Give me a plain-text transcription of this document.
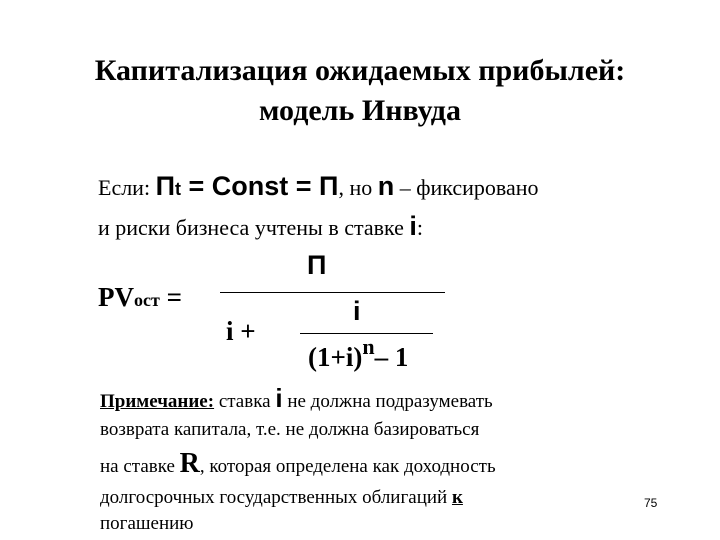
Капитализация ожидаемых прибылей:
модель Инвуда
Если: Пt = Const = П, но n – фиксировано
и риски бизнеса учтены в ставке i:
PVост =
П
i +
i
$(1+i)^n-$ 1
Примечание: ставка i не должна подразумевать
возврата капитала, т.е. не должна базироваться
на ставке R, которая определена как доходность
долгосрочных государственных облигаций к
погашению
75
